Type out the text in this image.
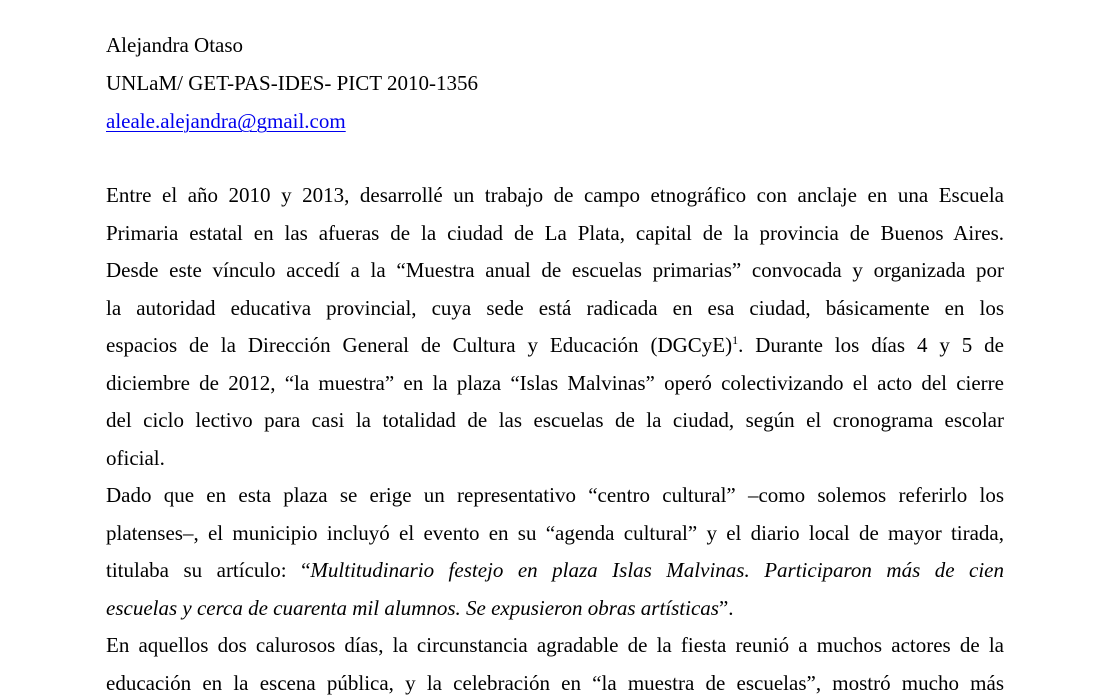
Alejandra Otaso
UNLaM/ GET-PAS-IDES- PICT 2010-1356
aleale.alejandra@gmail.com
Entre el año 2010 y 2013, desarrollé un trabajo de campo etnográfico con anclaje en una Escuela
Primaria estatal en las afueras de la ciudad de La Plata, capital de la provincia de Buenos Aires.
Desde este vínculo accedí a la “Muestra anual de escuelas primarias” convocada y organizada por
la autoridad educativa provincial, cuya sede está radicada en esa ciudad, básicamente en los
espacios de la Dirección General de Cultura y Educación (DGCyE)$^1$. Durante los días 4 y 5 de
diciembre de 2012, “la muestra” en la plaza “Islas Malvinas” operó colectivizando el acto del cierre
del ciclo lectivo para casi la totalidad de las escuelas de la ciudad, según el cronograma escolar
oficial.
Dado que en esta plaza se erige un representativo “centro cultural” –como solemos referirlo los
platenses–, el municipio incluyó el evento en su “agenda cultural” y el diario local de mayor tirada,
titulaba su artículo: “Multitudinario festejo en plaza Islas Malvinas. Participaron más de cien
escuelas y cerca de cuarenta mil alumnos. Se expusieron obras artísticas”.
En aquellos dos calurosos días, la circunstancia agradable de la fiesta reunió a muchos actores de la
educación en la escena pública, y la celebración en “la muestra de escuelas”, mostró mucho más
